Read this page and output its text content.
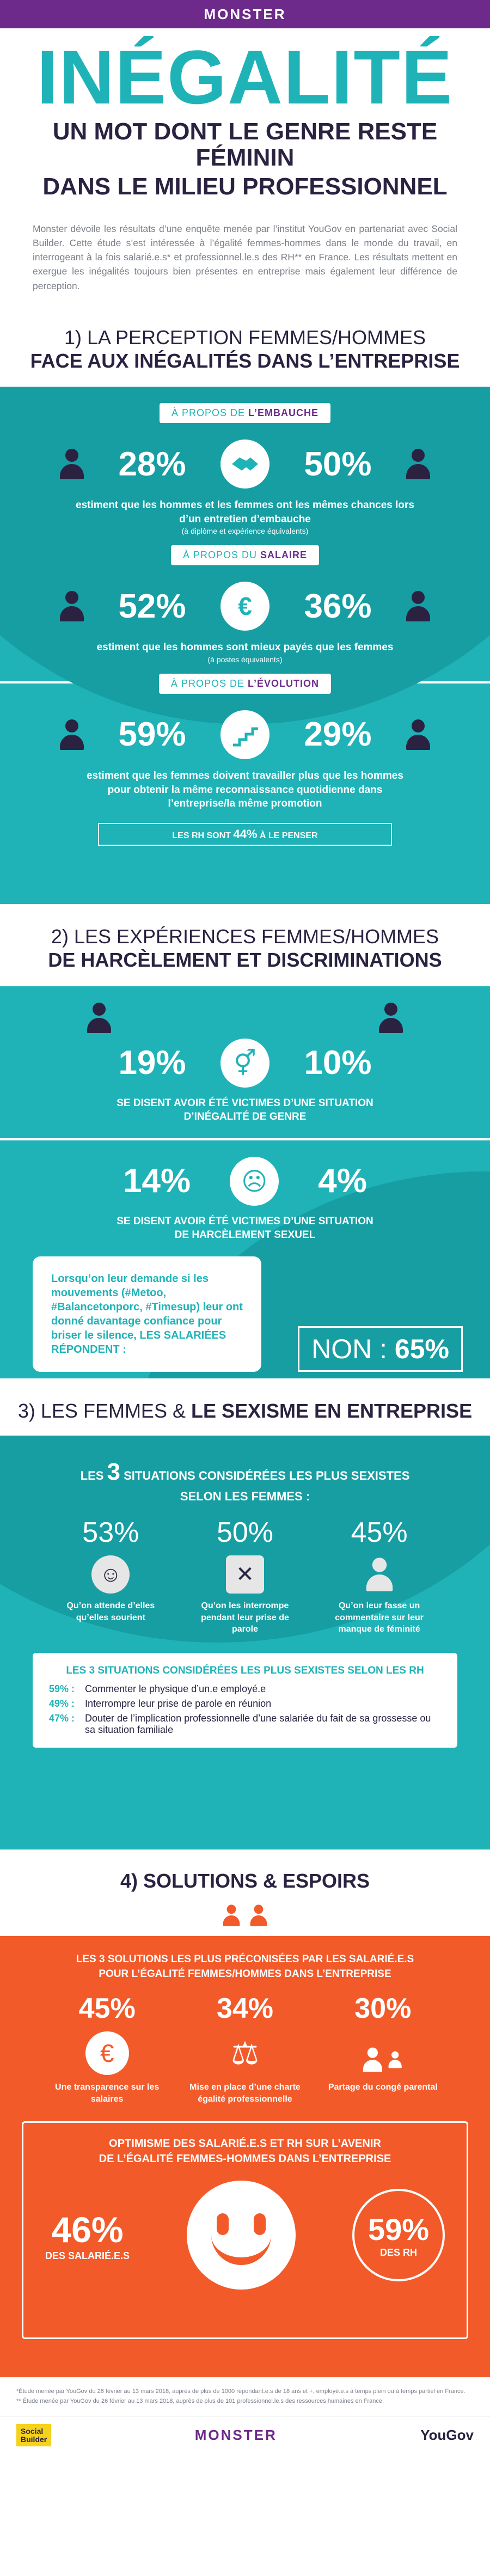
MONSTER
INÉGALITÉ
UN MOT DONT LE GENRE RESTE FÉMININ
DANS LE MILIEU PROFESSIONNEL

Monster dévoile les résultats d’une enquête menée par l’institut YouGov en partenariat avec Social Builder. Cette étude s’est intéressée à l’égalité femmes-hommes dans le monde du travail, en interrogeant à la fois salarié.e.s* et professionnel.le.s des RH** en France. Les résultats mettent en exergue les inégalités toujours bien présentes en entreprise mais également leur différence de perception.

1) LA PERCEPTION FEMMES/HOMMES
FACE AUX INÉGALITÉS DANS L’ENTREPRISE
À PROPOS DE L’EMBAUCHE
28%	50%
estiment que les hommes et les femmes ont les mêmes chances lors d’un entretien d’embauche
(à diplôme et expérience équivalents)
À PROPOS DU SALAIRE
52%	€	36%
estiment que les hommes sont mieux payés que les femmes
(à postes équivalents)
À PROPOS DE L’ÉVOLUTION
59%	29%
estiment que les femmes doivent travailler plus que les hommes pour obtenir la même reconnaissance quotidienne dans l’entreprise/la même promotion
LES RH SONT 44% À LE PENSER
2) LES EXPÉRIENCES FEMMES/HOMMES
DE HARCÈLEMENT ET DISCRIMINATIONS
19%	⚥	10%
SE DISENT AVOIR ÉTÉ VICTIMES D’UNE SITUATION D’INÉGALITÉ DE GENRE
14%	☹	4%
SE DISENT AVOIR ÉTÉ VICTIMES D’UNE SITUATION DE HARCÈLEMENT SEXUEL
Lorsqu’on leur demande si les mouvements (#Metoo, #Balancetonporc, #Timesup) leur ont donné davantage confiance pour briser le silence, LES SALARIÉES RÉPONDENT :	NON : 65%
3) LES FEMMES & LE SEXISME EN ENTREPRISE
LES 3 SITUATIONS CONSIDÉRÉES LES PLUS SEXISTES
SELON LES FEMMES :
53%
☺
Qu’on attende d’elles qu’elles sourient
50%
✕
Qu’on les interrompe pendant leur prise de parole
45%
Qu’on leur fasse un commentaire sur leur manque de féminité
LES 3 SITUATIONS CONSIDÉRÉES LES PLUS SEXISTES SELON LES RH
59% :	Commenter le physique d’un.e employé.e
49% :	Interrompre leur prise de parole en réunion
47% :	Douter de l’implication professionnelle d’une salariée du fait de sa grossesse ou sa situation familiale
4) SOLUTIONS & ESPOIRS
LES 3 SOLUTIONS LES PLUS PRÉCONISÉES PAR LES SALARIÉ.E.S
POUR L’ÉGALITÉ FEMMES/HOMMES DANS L’ENTREPRISE
45%
€
Une transparence sur les salaires
34%
⚖
Mise en place d’une charte égalité professionnelle
30%
Partage du congé parental
OPTIMISME DES SALARIÉ.E.S ET RH SUR L’AVENIR
DE L’ÉGALITÉ FEMMES-HOMMES DANS L’ENTREPRISE
46%
DES SALARIÉ.E.S
59%
DES RH
*Étude menée par YouGov du 26 février au 13 mars 2018, auprès de plus de 1000 répondant.e.s de 18 ans et +, employé.e.s à temps plein ou à temps partiel en France.
** Étude menée par YouGov du 26 février au 13 mars 2018, auprès de plus de 101 professionnel.le.s des ressources humaines en France.
Social
Builder	MONSTER	YouGov
